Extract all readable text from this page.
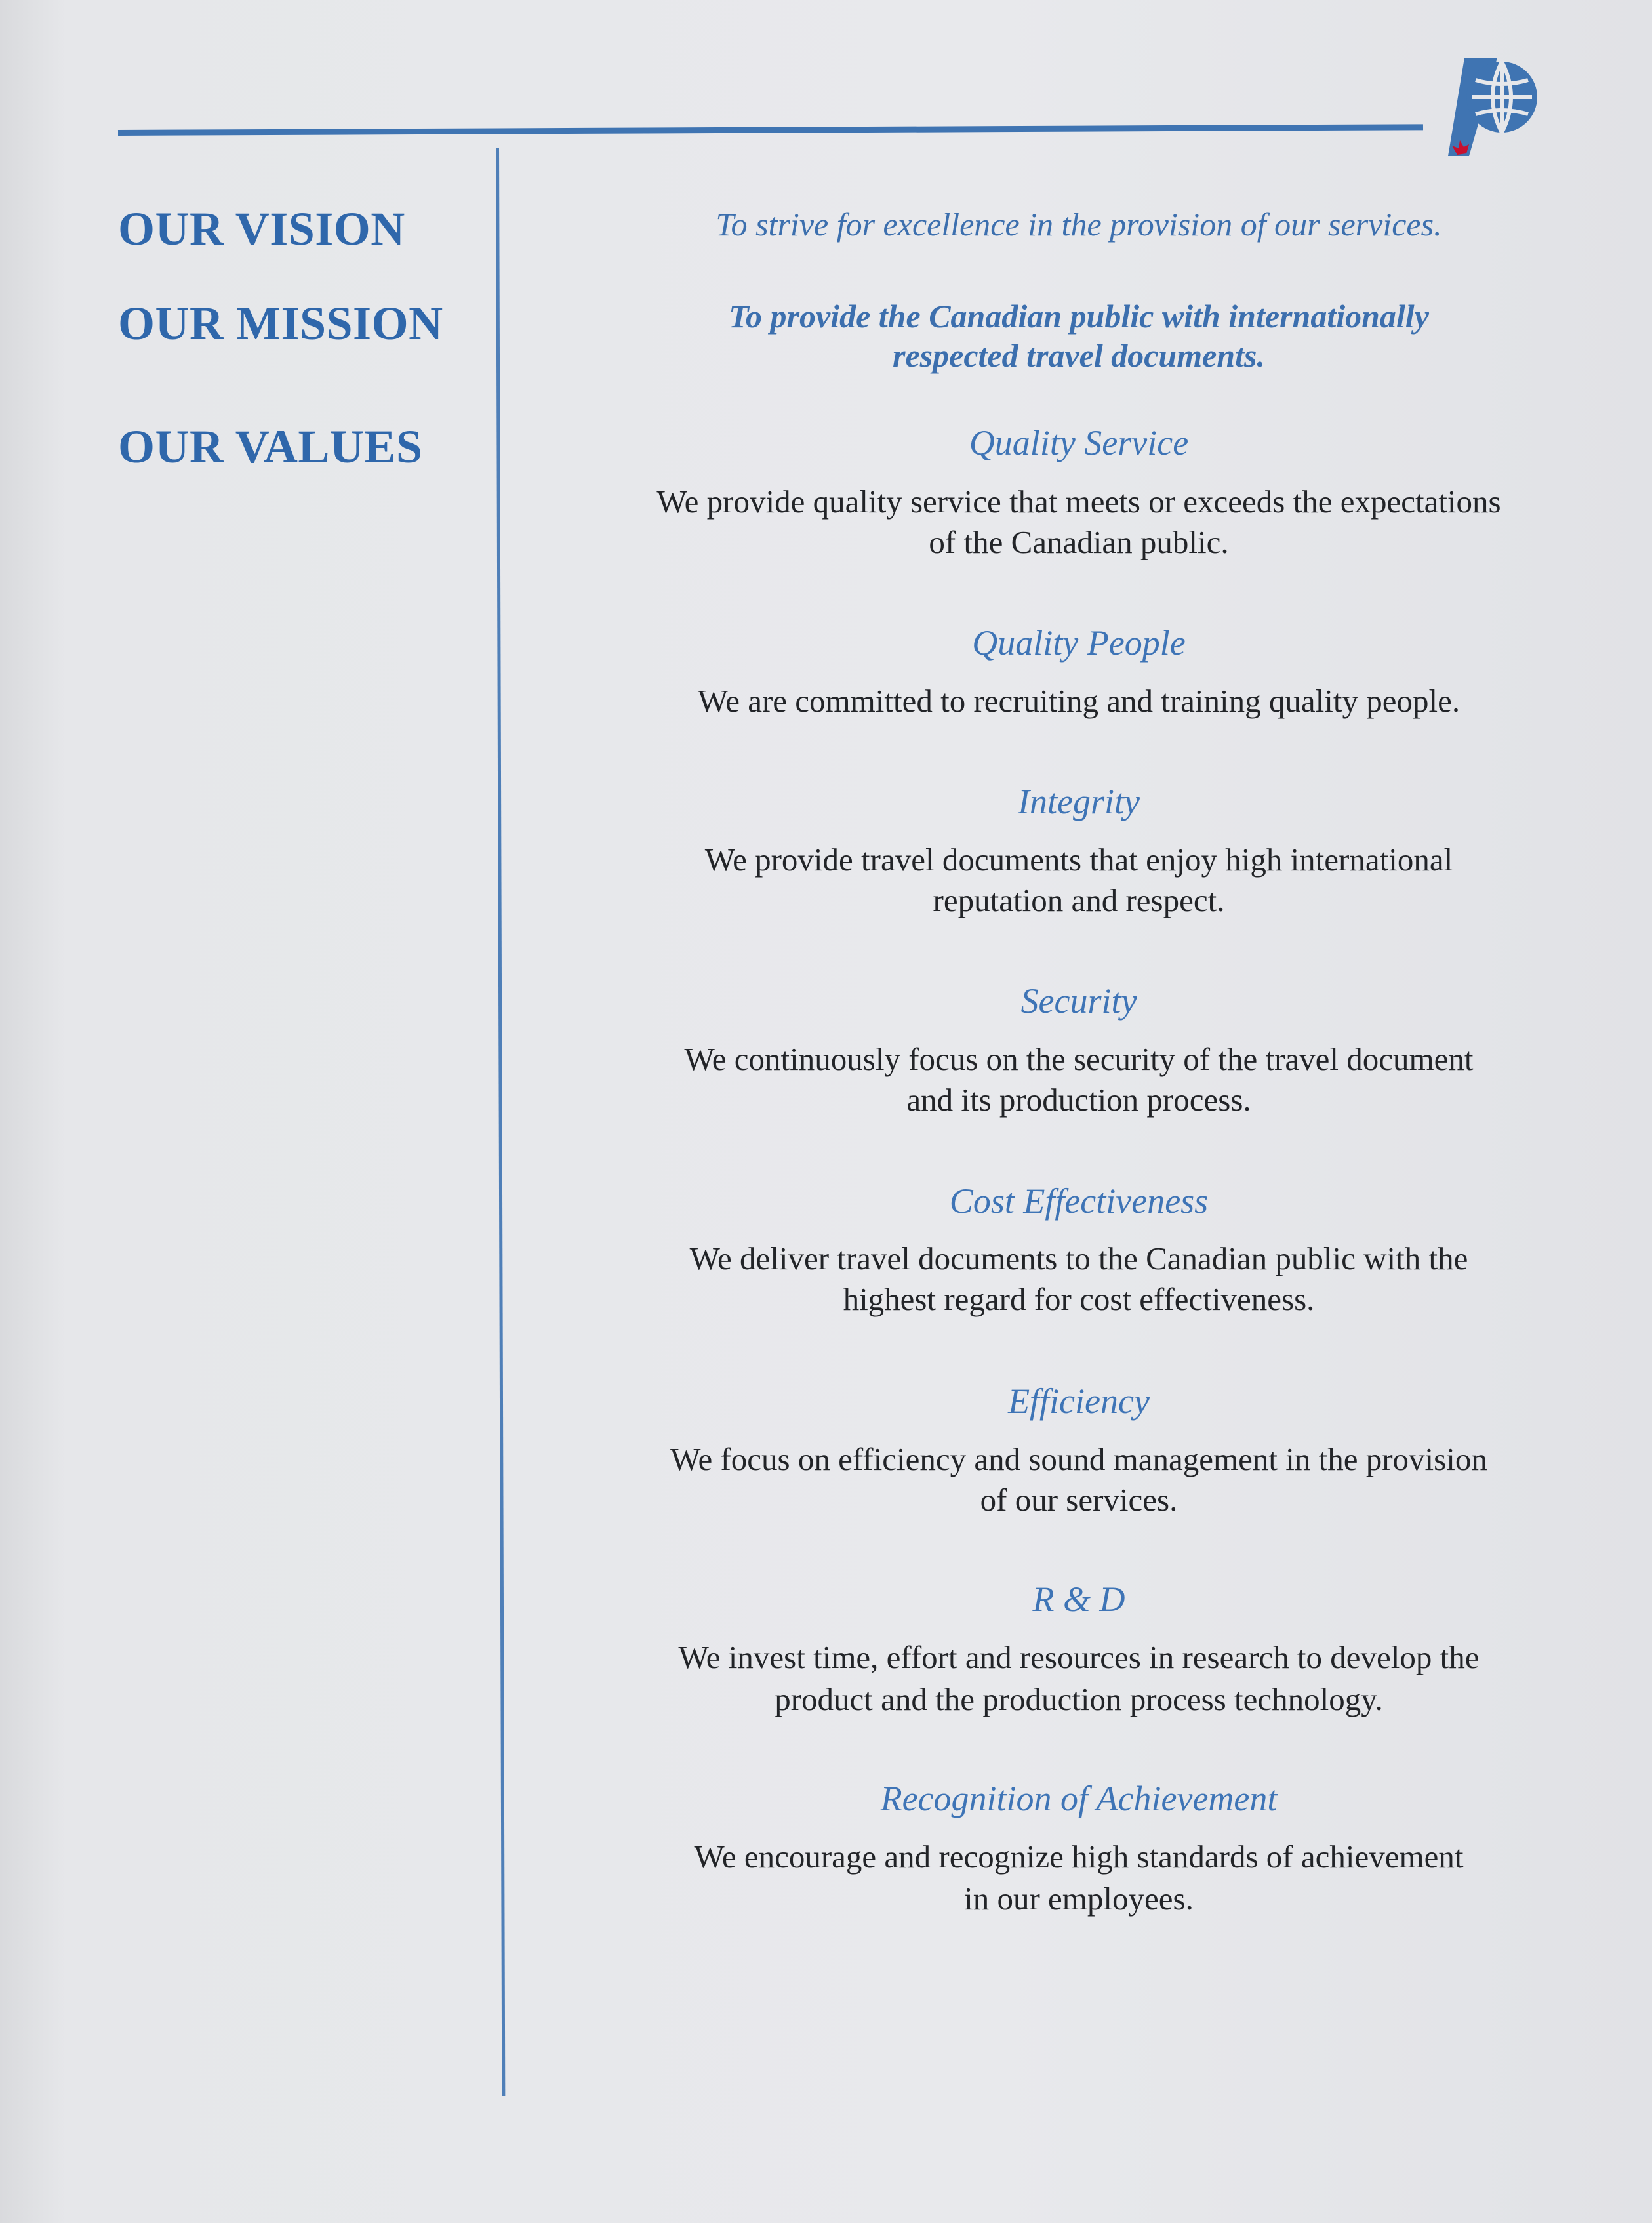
OUR VISION
OUR MISSION
OUR VALUES

To strive for excellence in the provision of our services.

To provide the Canadian public with internationally

respected travel documents.

Quality Service

We provide quality service that meets or exceeds the expectations

of the Canadian public.

Quality People

We are committed to recruiting and training quality people.

Integrity

We provide travel documents that enjoy high international

reputation and respect.

Security

We continuously focus on the security of the travel document

and its production process.

Cost Effectiveness

We deliver travel documents to the Canadian public with the

highest regard for cost effectiveness.

Efficiency

We focus on efficiency and sound management in the provision

of our services.

R & D

We invest time, effort and resources in research to develop the

product and the production process technology.

Recognition of Achievement

We encourage and recognize high standards of achievement

in our employees.
